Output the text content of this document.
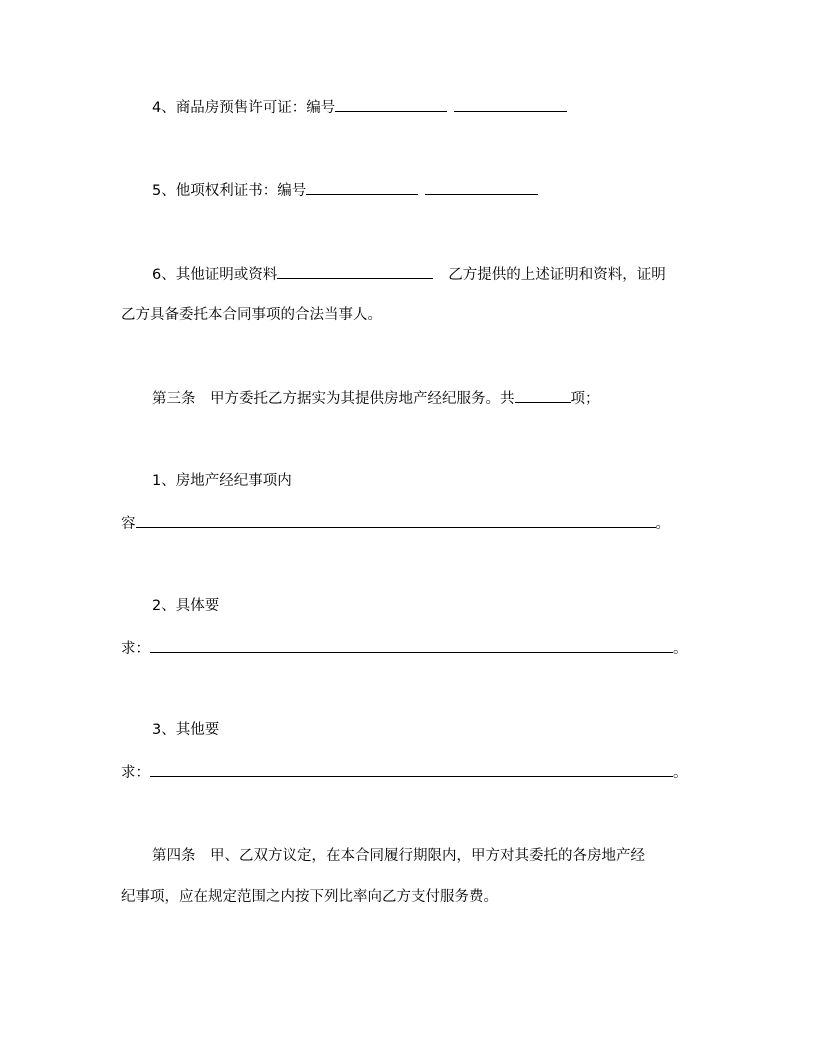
4、商品房预售许可证：编号
5、他项权利证书：编号
6、其他证明或资料	乙方提供的上述证明和资料，证明
乙方具备委托本合同事项的合法当事人。
第三条　甲方委托乙方据实为其提供房地产经纪服务。共	项；
1、房地产经纪事项内
容	。
2、具体要
求：	。
3、其他要
求：	。
第四条　甲、乙双方议定，在本合同履行期限内，甲方对其委托的各房地产经
纪事项，应在规定范围之内按下列比率向乙方支付服务费。
